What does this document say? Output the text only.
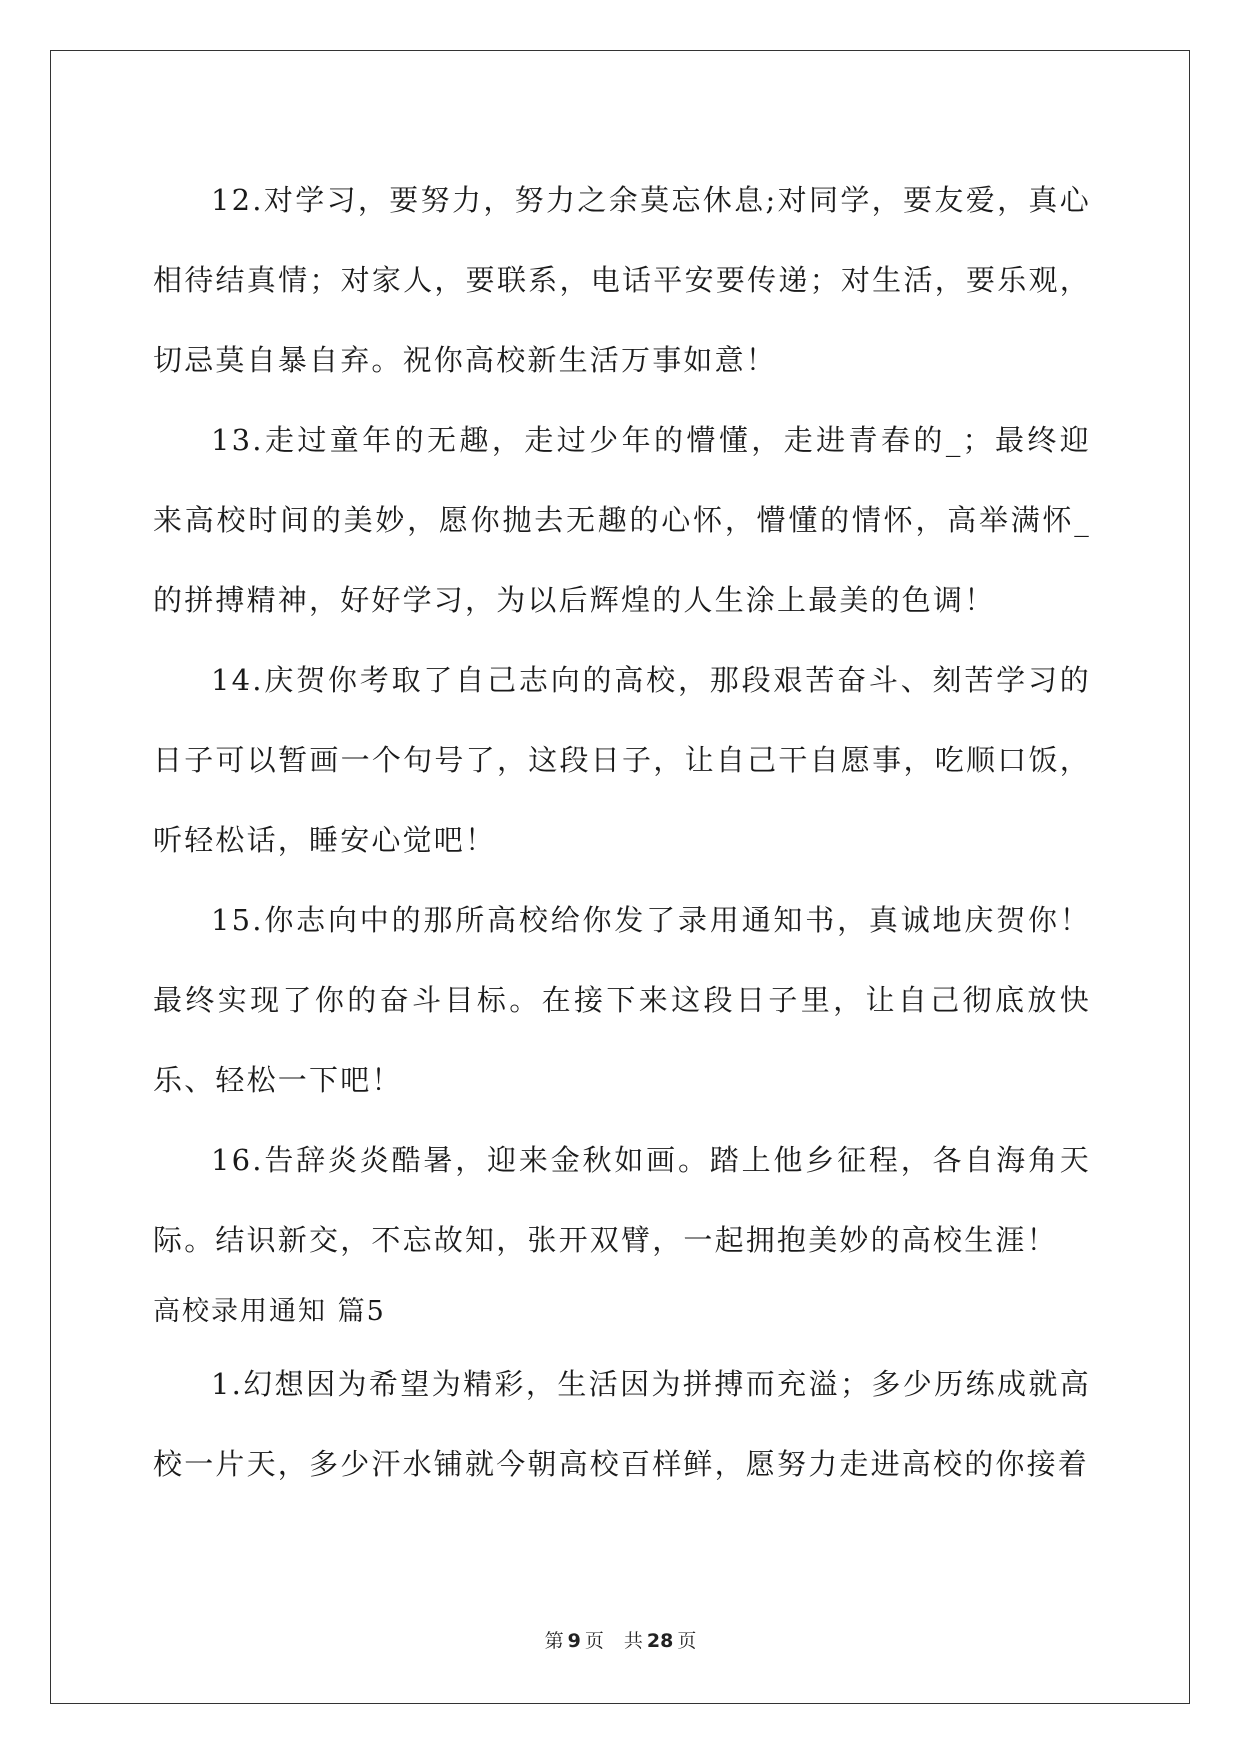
12.对学习，要努力，努力之余莫忘休息;对同学，要友爱，真心相待结真情；对家人，要联系，电话平安要传递；对生活，要乐观，切忌莫自暴自弃。祝你高校新生活万事如意！

13.走过童年的无趣，走过少年的懵懂，走进青春的_；最终迎来高校时间的美妙，愿你抛去无趣的心怀，懵懂的情怀，高举满怀_的拼搏精神，好好学习，为以后辉煌的人生涂上最美的色调！

14.庆贺你考取了自己志向的高校，那段艰苦奋斗、刻苦学习的日子可以暂画一个句号了，这段日子，让自己干自愿事，吃顺口饭，听轻松话，睡安心觉吧！

15.你志向中的那所高校给你发了录用通知书，真诚地庆贺你！最终实现了你的奋斗目标。在接下来这段日子里，让自己彻底放快乐、轻松一下吧！

16.告辞炎炎酷暑，迎来金秋如画。踏上他乡征程，各自海角天际。结识新交，不忘故知，张开双臂，一起拥抱美妙的高校生涯！

高校录用通知 篇5

1.幻想因为希望为精彩，生活因为拼搏而充溢；多少历练成就高校一片天，多少汗水铺就今朝高校百样鲜，愿努力走进高校的你接着

第 9 页 共 28 页
